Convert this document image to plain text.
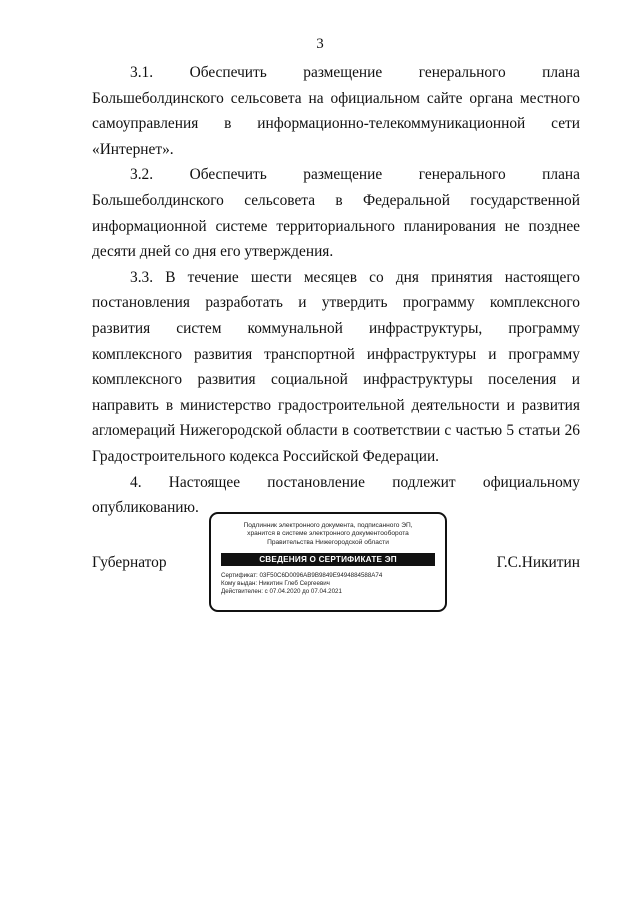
3

3.1. Обеспечить размещение генерального плана Большеболдинского сельсовета на официальном сайте органа местного самоуправления в информационно-телекоммуникационной сети «Интернет».

3.2. Обеспечить размещение генерального плана Большеболдинского сельсовета в Федеральной государственной информационной системе территориального планирования не позднее десяти дней со дня его утверждения.

3.3. В течение шести месяцев со дня принятия настоящего постановления разработать и утвердить программу комплексного развития систем коммунальной инфраструктуры, программу комплексного развития транспортной инфраструктуры и программу комплексного развития социальной инфраструктуры поселения и направить в министерство градостроительной деятельности и развития агломераций Нижегородской области в соответствии с частью 5 статьи 26 Градостроительного кодекса Российской Федерации.

4. Настоящее постановление подлежит официальному опубликованию.

Губернатор
Подлинник электронного документа, подписанного ЭП,
хранится в системе электронного документооборота
Правительства Нижегородской области
СВЕДЕНИЯ О СЕРТИФИКАТЕ ЭП
Сертификат: 03F50C6D0096AB9B9849E9494884588A74
Кому выдан: Никитин Глеб Сергеевич
Действителен: с 07.04.2020 до 07.04.2021
Г.С.Никитин
